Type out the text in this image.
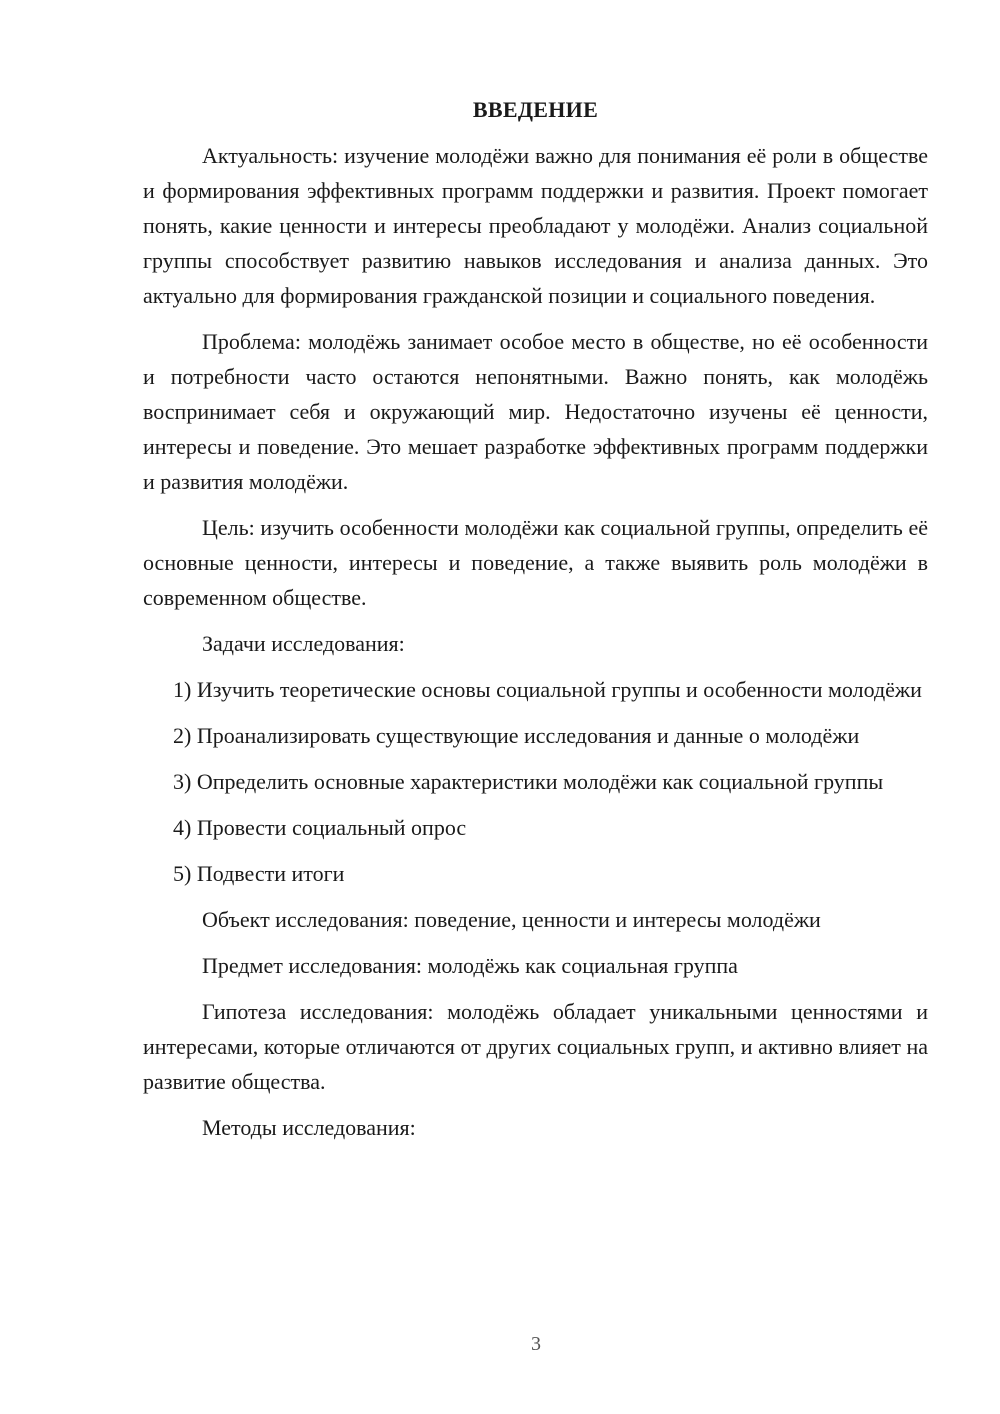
ВВЕДЕНИЕ

Актуальность: изучение молодёжи важно для понимания её роли в обществе и формирования эффективных программ поддержки и развития. Проект помогает понять, какие ценности и интересы преобладают у молодёжи. Анализ социальной группы способствует развитию навыков исследования и анализа данных. Это актуально для формирования гражданской позиции и социального поведения.

Проблема: молодёжь занимает особое место в обществе, но её особенности и потребности часто остаются непонятными. Важно понять, как молодёжь воспринимает себя и окружающий мир. Недостаточно изучены её ценности, интересы и поведение. Это мешает разработке эффективных программ поддержки и развития молодёжи.

Цель: изучить особенности молодёжи как социальной группы, определить её основные ценности, интересы и поведение, а также выявить роль молодёжи в современном обществе.

Задачи исследования:

1) Изучить теоретические основы социальной группы и особенности молодёжи

2) Проанализировать существующие исследования и данные о молодёжи

3) Определить основные характеристики молодёжи как социальной группы

4) Провести социальный опрос

5) Подвести итоги

Объект исследования: поведение, ценности и интересы молодёжи

Предмет исследования: молодёжь как социальная группа

Гипотеза исследования: молодёжь обладает уникальными ценностями и интересами, которые отличаются от других социальных групп, и активно влияет на развитие общества.

Методы исследования:

3
